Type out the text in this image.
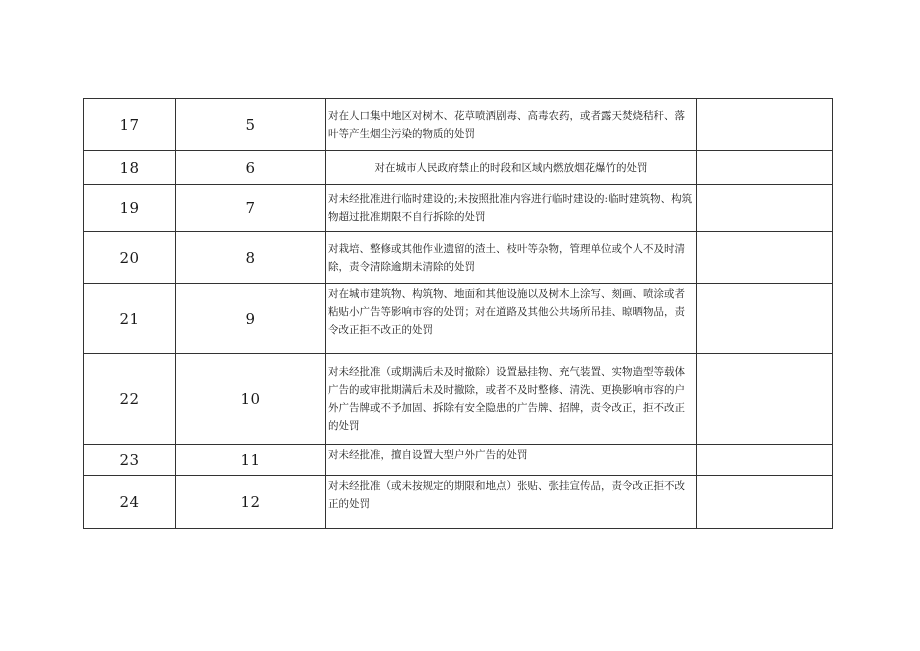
17	5	对在人口集中地区对树木、花草喷洒剧毒、高毒农药，或者露天焚烧秸秆、落叶等产生烟尘污染的物质的处罚	

18	6	对在城市人民政府禁止的时段和区域内燃放烟花爆竹的处罚	

19	7	对未经批准进行临时建设的;未按照批准内容进行临时建设的:临时建筑物、构筑物超过批准期限不自行拆除的处罚	

20	8	对栽培、整修或其他作业遗留的渣土、枝叶等杂物，管理单位或个人不及时清除，责令清除逾期未清除的处罚	

21	9	对在城市建筑物、构筑物、地面和其他设施以及树木上涂写、刻画、喷涂或者粘贴小广告等影响市容的处罚；对在道路及其他公共场所吊挂、晾晒物品，责令改正拒不改正的处罚	

22	10	对未经批准（或期满后未及时撤除）设置悬挂物、充气装置、实物造型等载体广告的或审批期满后未及时撤除，或者不及时整修、清洗、更换影响市容的户外广告牌或不予加固、拆除有安全隐患的广告牌、招牌，责令改正，拒不改正的处罚	

23	11	对未经批准，擅自设置大型户外广告的处罚	

24	12	对未经批准（或未按规定的期限和地点）张贴、张挂宣传品，责令改正拒不改正的处罚	
